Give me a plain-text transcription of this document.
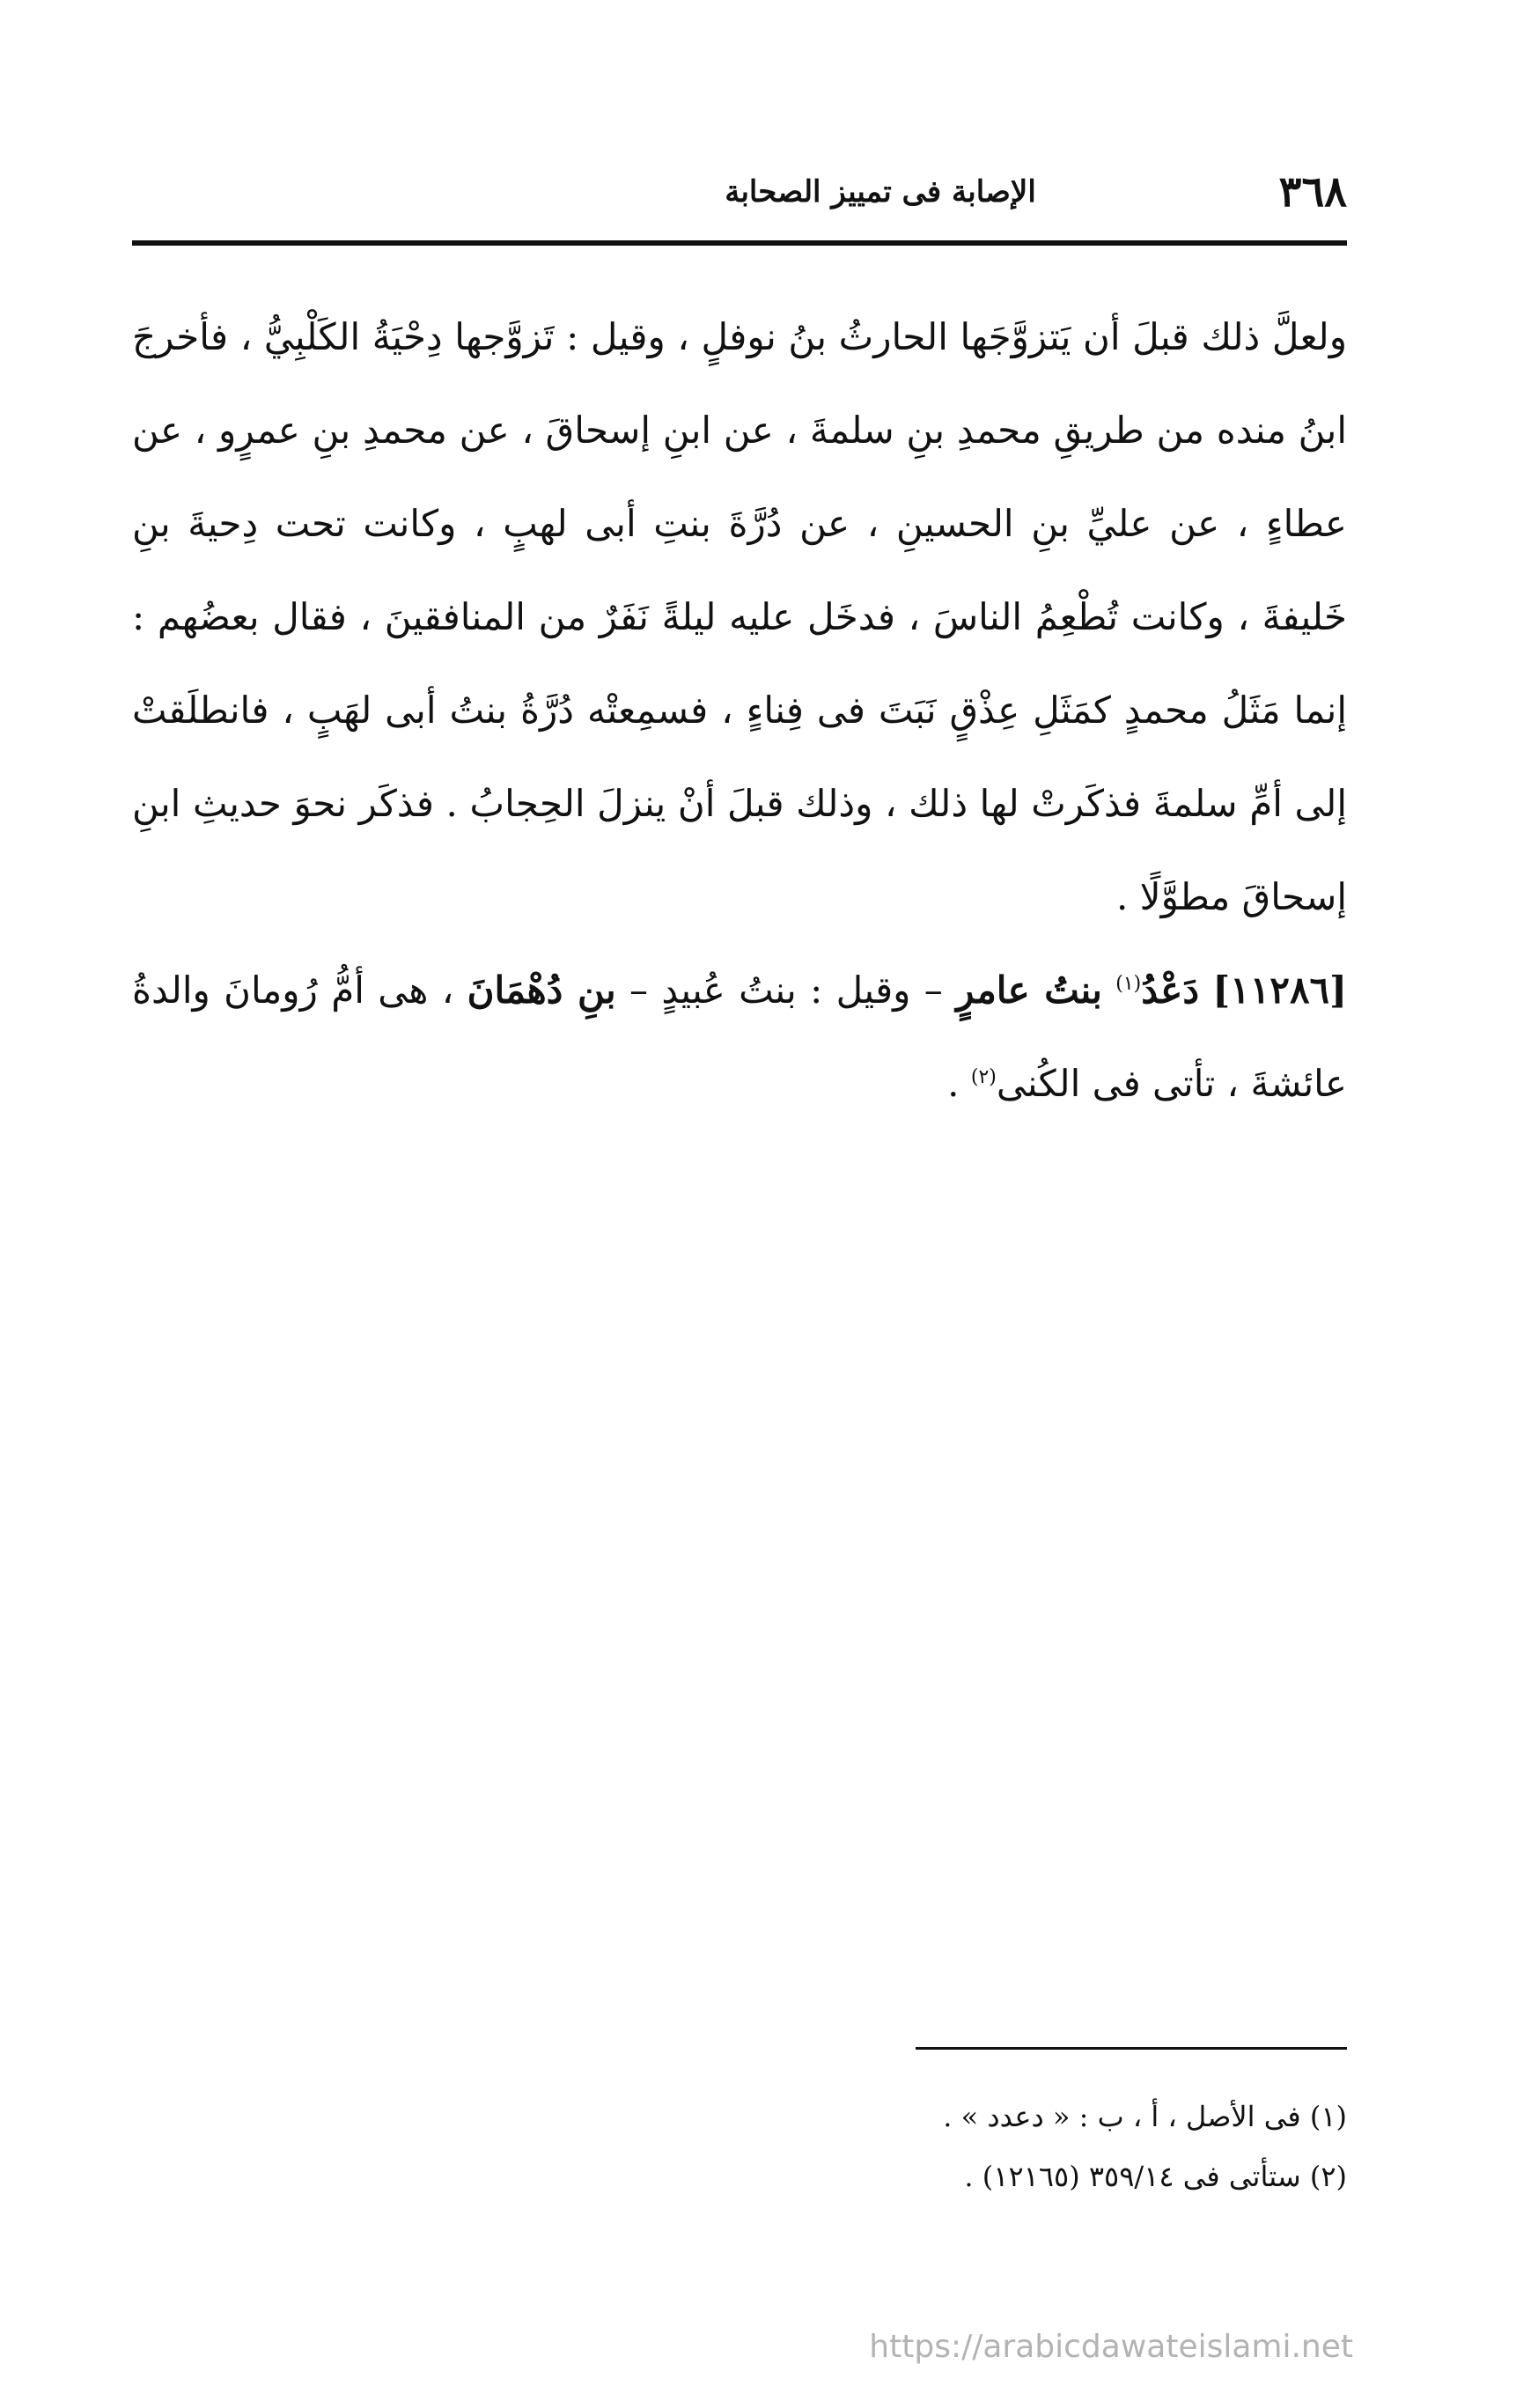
٣٦٨
الإصابة فى تمييز الصحابة

ولعلَّ ذلك قبلَ أن يَتزوَّجَها الحارثُ بنُ نوفلٍ ، وقيل : تَزوَّجها دِحْيَةُ الكَلْبِيُّ ، فأخرجَ ابنُ منده من طريقِ محمدِ بنِ سلمةَ ، عن ابنِ إسحاقَ ، عن محمدِ بنِ عمرٍو ، عن عطاءٍ ، عن عليِّ بنِ الحسينِ ، عن دُرَّةَ بنتِ أبى لهبٍ ، وكانت تحت دِحيةَ بنِ خَليفةَ ، وكانت تُطْعِمُ الناسَ ، فدخَل عليه ليلةً نَفَرٌ من المنافقينَ ، فقال بعضُهم : إنما مَثَلُ محمدٍ كمَثَلِ عِذْقٍ نَبَتَ فى فِناءٍ ، فسمِعتْه دُرَّةُ بنتُ أبى لهَبٍ ، فانطلَقتْ إلى أمِّ سلمةَ فذكَرتْ لها ذلك ، وذلك قبلَ أنْ ينزلَ الحِجابُ . فذكَر نحوَ حديثِ ابنِ إسحاقَ مطوَّلًا .

[١١٢٨٦] دَعْدُ$^{(١)}$ بنتُ عامرٍ – وقيل : بنتُ عُبيدٍ – بنِ دُهْمَانَ ، هى أمُّ رُومانَ والدةُ عائشةَ ، تأتى فى الكُنى$^{(٢)}$ .

(١) فى الأصل ، أ ، ب : « دعدد » .

(٢) ستأتى فى ٣٥٩/١٤ (١٢١٦٥) .

https://arabicdawateislami.net
